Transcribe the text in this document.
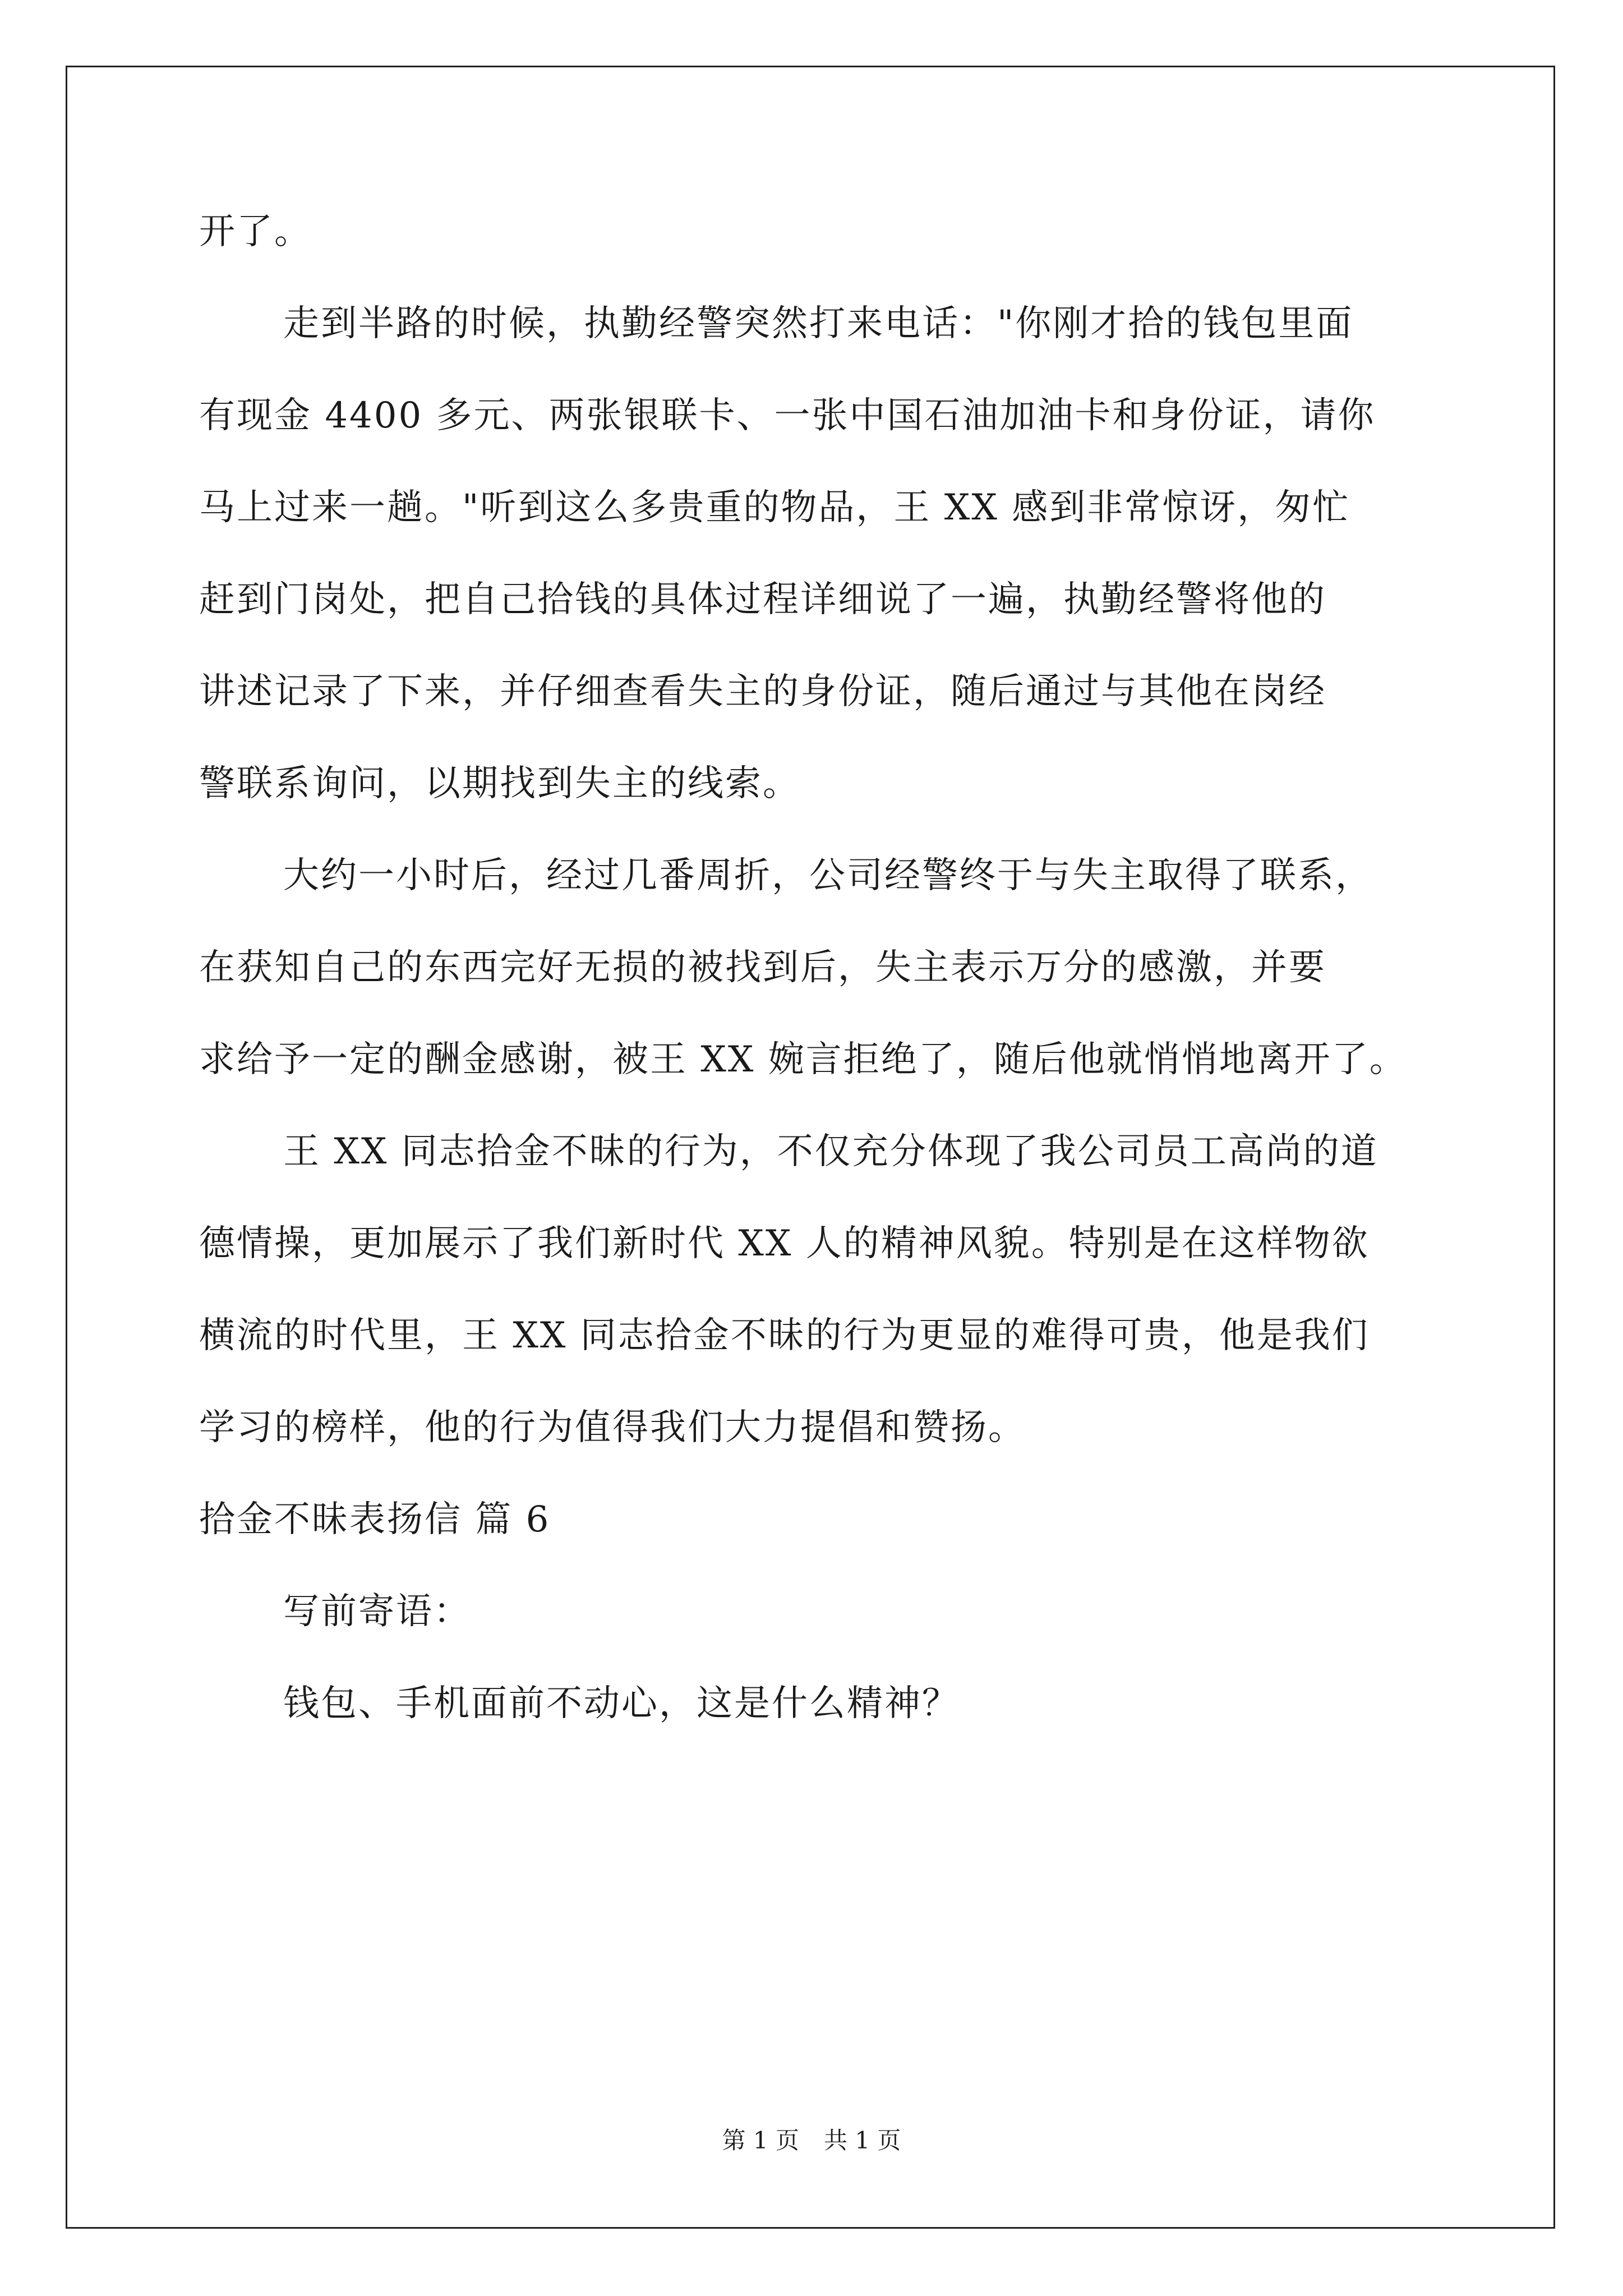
开了。
走到半路的时候，执勤经警突然打来电话："你刚才拾的钱包里面
有现金 4400 多元、两张银联卡、一张中国石油加油卡和身份证，请你
马上过来一趟。"听到这么多贵重的物品，王 XX 感到非常惊讶，匆忙
赶到门岗处，把自己拾钱的具体过程详细说了一遍，执勤经警将他的
讲述记录了下来，并仔细查看失主的身份证，随后通过与其他在岗经
警联系询问，以期找到失主的线索。
大约一小时后，经过几番周折，公司经警终于与失主取得了联系，
在获知自己的东西完好无损的被找到后，失主表示万分的感激，并要
求给予一定的酬金感谢，被王 XX 婉言拒绝了，随后他就悄悄地离开了。
王 XX 同志拾金不昧的行为，不仅充分体现了我公司员工高尚的道
德情操，更加展示了我们新时代 XX 人的精神风貌。特别是在这样物欲
横流的时代里，王 XX 同志拾金不昧的行为更显的难得可贵，他是我们
学习的榜样，他的行为值得我们大力提倡和赞扬。
拾金不昧表扬信 篇 6
写前寄语：
钱包、手机面前不动心，这是什么精神？
第 1 页 共 1 页
